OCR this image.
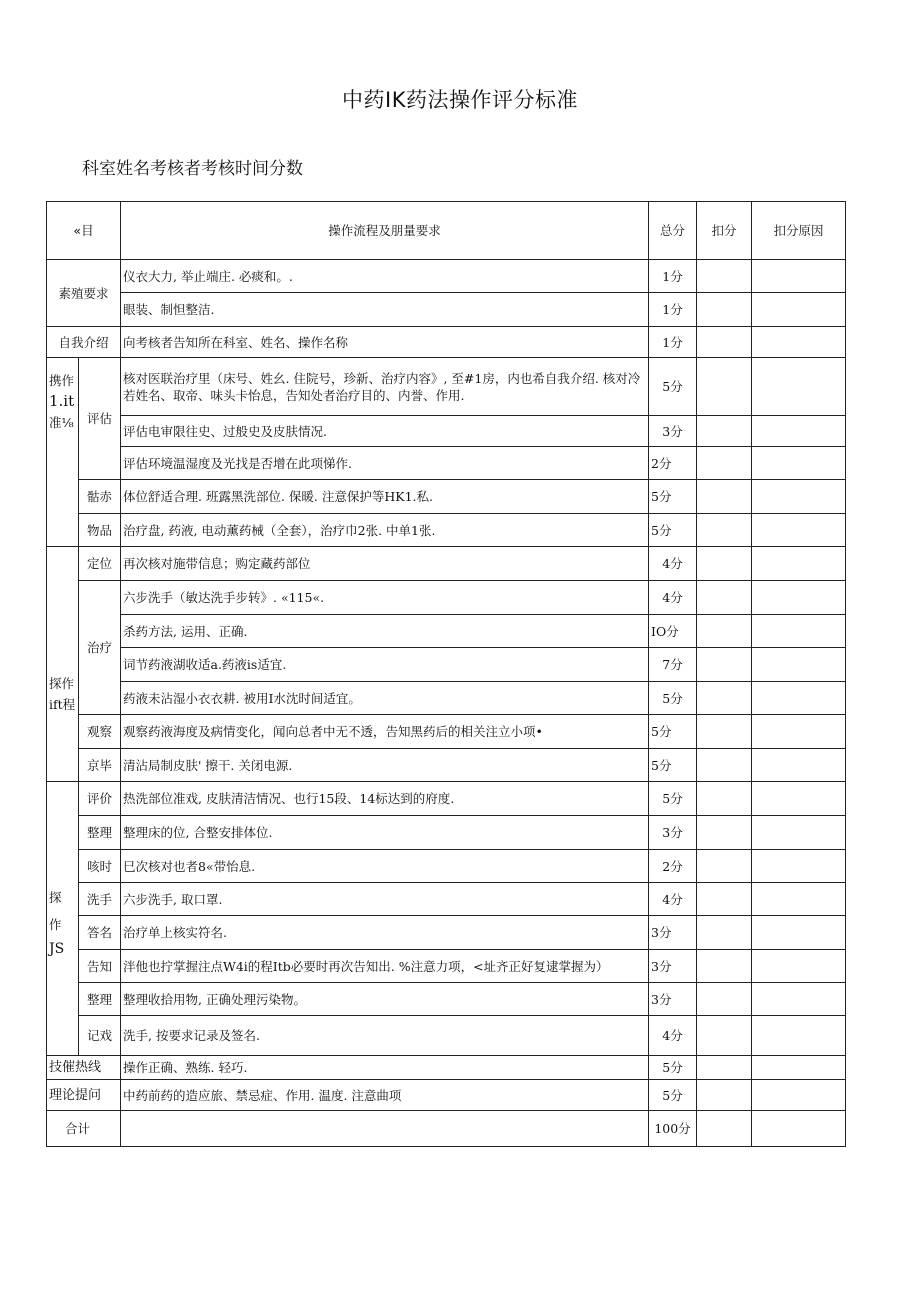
中药IK药法操作评分标准
科室姓名考核者考核时间分数
«目		操作流程及朋量要求	总分	扣分	扣分原因
素殖要求		仪衣大力, 举止端庄. 必痰和。.	1分		
		眼装、制怛整洁.	1分		
自我介绍		向考核者告知所在科室、姓名、操作名称	1分		

携作
1.it
准⅛	评估	核对医联治疗里（床号、姓幺. 住院号，珍新、治疗内容》, 至#1房，内也希自我介绍. 核对冷若姓名、取帝、味头卡怡息，告知处者治疗目的、内誉、作用.	5分		
		评估电审限往史、过般史及皮肤情况.	3分		
		评估环境温湿度及光找是否增在此项悌作.	2分		
	骷赤	体位舒适合理. 班露黑洗部位. 保暖. 注意保护等HK1.私.	5分		
	物品	治疗盘, 药液, 电动薰药械（全套），治疗巾2张. 中单1张.	5分		

探作
ift程	定位	再次核对施带信息；购定藏药部位	4分		
	治疗	六步洗手（敏达洗手步转》. «115«.	4分		
		杀药方法, 运用、正确.	IO分		
		词节药液湖收适a.药液is适宜.	7分		
		药液未沾湿小衣衣耕. 被用I水沈时间适宜。	5分		
	观察	观察药液海度及病情变化，闻向总者中无不透，告知黑药后的相关注立小项•	5分		
	京毕	清沾局制皮肤' 擦干. 关闭电源.	5分		

探
作
JS	评价	热洗部位准戏, 皮肤清洁情况、也行15段、14标达到的府度.	5分		
	整理	整理床的位, 合整安排体位.	3分		
	咳时	巳次核对也者8«带怡息.	2分		
	洗手	六步洗手, 取口罩.	4分		
	答名	治疗单上核实符名.	3分		
	告知	泮他也拧掌握注点W4i的程Itb必要时再次告知出. %注意力项，<址齐正好复逮掌握为）	3分		
	整理	整理收拾用物, 正确处理污染物。	3分		
	记戏	洗手, 按要求记录及签名.	4分		
技催热线		操作正确、熟练. 轻巧.	5分		
理论提问		中药前药的造应旅、禁忌症、作用. 温度. 注意曲项	5分		
合计			100分		
